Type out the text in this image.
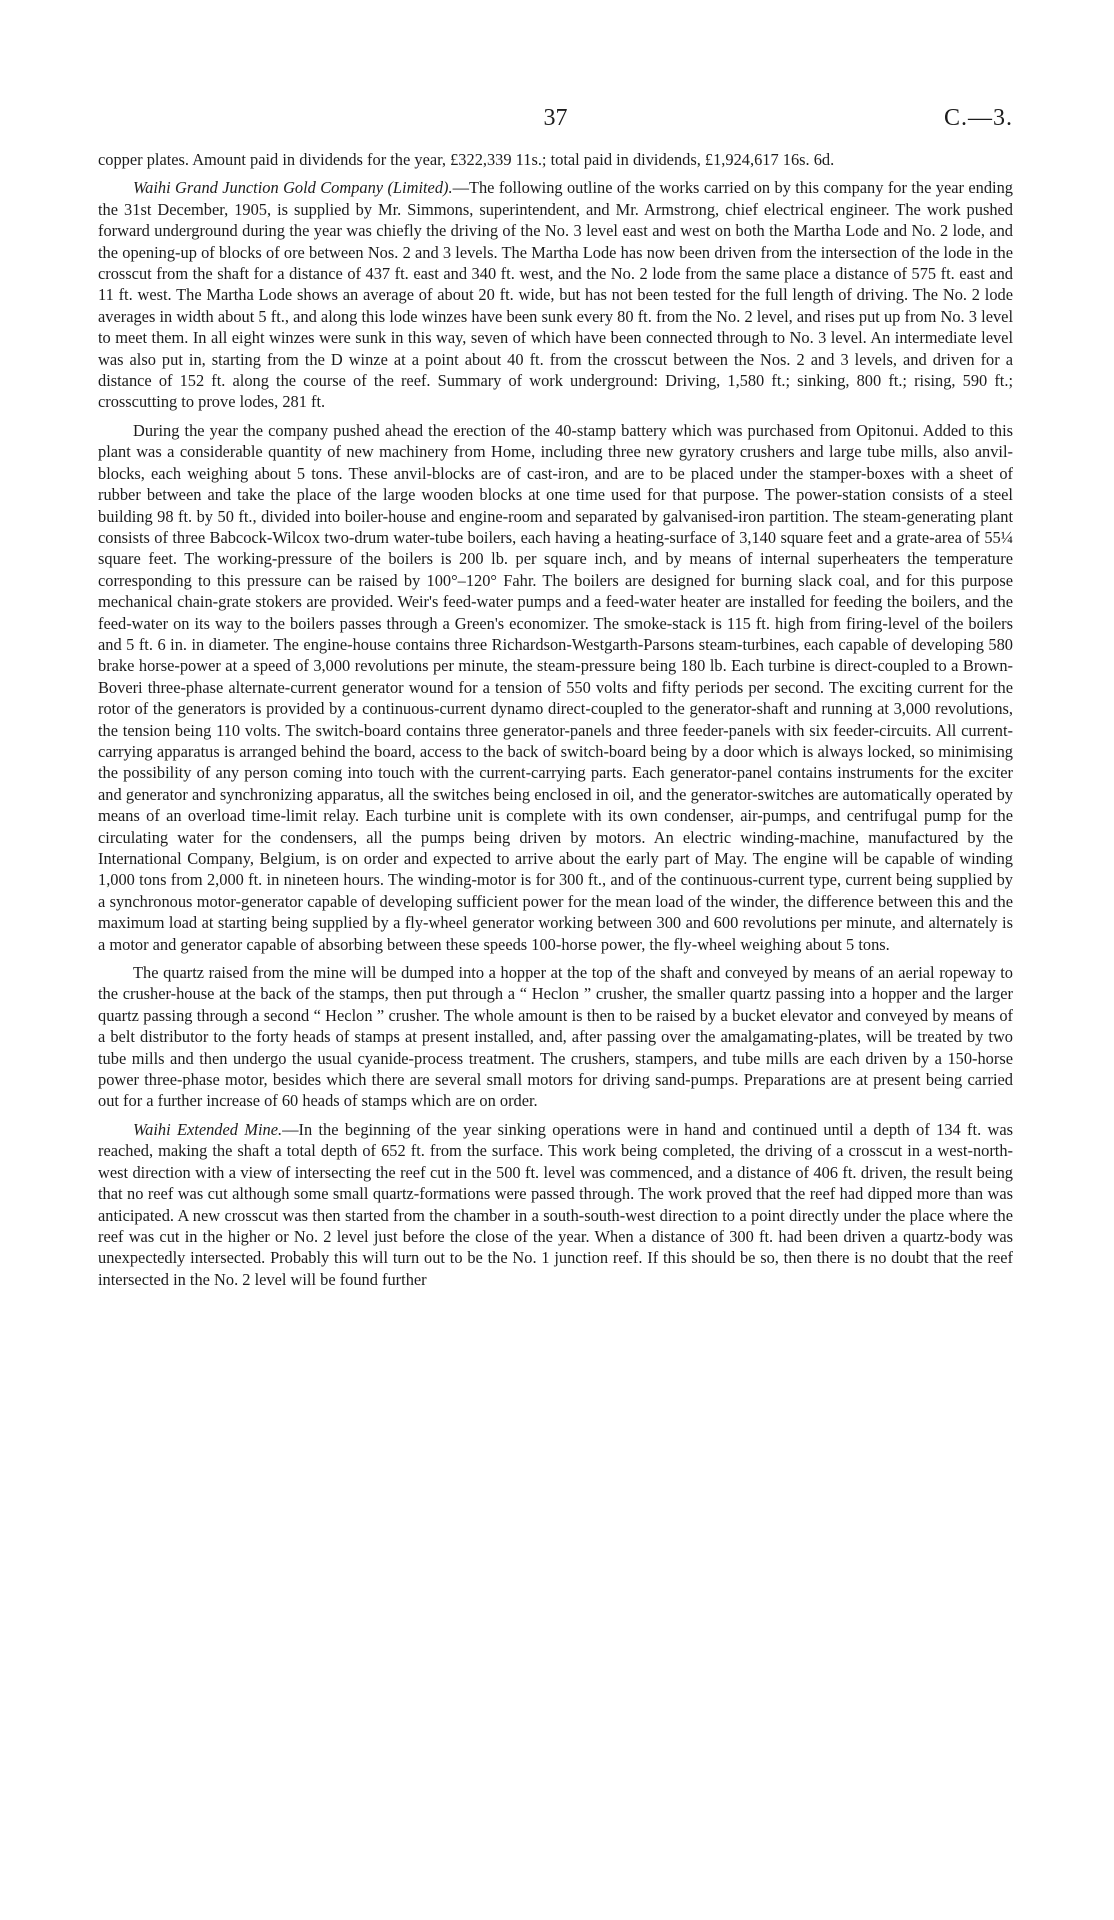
37	C.—3.

copper plates. Amount paid in dividends for the year, £322,339 11s.; total paid in dividends, £1,924,617 16s. 6d.

Waihi Grand Junction Gold Company (Limited).—The following outline of the works carried on by this company for the year ending the 31st December, 1905, is supplied by Mr. Simmons, superintendent, and Mr. Armstrong, chief electrical engineer. The work pushed forward underground during the year was chiefly the driving of the No. 3 level east and west on both the Martha Lode and No. 2 lode, and the opening-up of blocks of ore between Nos. 2 and 3 levels. The Martha Lode has now been driven from the intersection of the lode in the crosscut from the shaft for a distance of 437 ft. east and 340 ft. west, and the No. 2 lode from the same place a distance of 575 ft. east and 11 ft. west. The Martha Lode shows an average of about 20 ft. wide, but has not been tested for the full length of driving. The No. 2 lode averages in width about 5 ft., and along this lode winzes have been sunk every 80 ft. from the No. 2 level, and rises put up from No. 3 level to meet them. In all eight winzes were sunk in this way, seven of which have been connected through to No. 3 level. An intermediate level was also put in, starting from the D winze at a point about 40 ft. from the crosscut between the Nos. 2 and 3 levels, and driven for a distance of 152 ft. along the course of the reef. Summary of work underground: Driving, 1,580 ft.; sinking, 800 ft.; rising, 590 ft.; crosscutting to prove lodes, 281 ft.

During the year the company pushed ahead the erection of the 40-stamp battery which was purchased from Opitonui. Added to this plant was a considerable quantity of new machinery from Home, including three new gyratory crushers and large tube mills, also anvil-blocks, each weighing about 5 tons. These anvil-blocks are of cast-iron, and are to be placed under the stamper-boxes with a sheet of rubber between and take the place of the large wooden blocks at one time used for that purpose. The power-station consists of a steel building 98 ft. by 50 ft., divided into boiler-house and engine-room and separated by galvanised-iron partition. The steam-generating plant consists of three Babcock-Wilcox two-drum water-tube boilers, each having a heating-surface of 3,140 square feet and a grate-area of 55¼ square feet. The working-pressure of the boilers is 200 lb. per square inch, and by means of internal superheaters the temperature corresponding to this pressure can be raised by 100°–120° Fahr. The boilers are designed for burning slack coal, and for this purpose mechanical chain-grate stokers are provided. Weir's feed-water pumps and a feed-water heater are installed for feeding the boilers, and the feed-water on its way to the boilers passes through a Green's economizer. The smoke-stack is 115 ft. high from firing-level of the boilers and 5 ft. 6 in. in diameter. The engine-house contains three Richardson-Westgarth-Parsons steam-turbines, each capable of developing 580 brake horse-power at a speed of 3,000 revolutions per minute, the steam-pressure being 180 lb. Each turbine is direct-coupled to a Brown-Boveri three-phase alternate-current generator wound for a tension of 550 volts and fifty periods per second. The exciting current for the rotor of the generators is provided by a continuous-current dynamo direct-coupled to the generator-shaft and running at 3,000 revolutions, the tension being 110 volts. The switch-board contains three generator-panels and three feeder-panels with six feeder-circuits. All current-carrying apparatus is arranged behind the board, access to the back of switch-board being by a door which is always locked, so minimising the possibility of any person coming into touch with the current-carrying parts. Each generator-panel contains instruments for the exciter and generator and synchronizing apparatus, all the switches being enclosed in oil, and the generator-switches are automatically operated by means of an overload time-limit relay. Each turbine unit is complete with its own condenser, air-pumps, and centrifugal pump for the circulating water for the condensers, all the pumps being driven by motors. An electric winding-machine, manufactured by the International Company, Belgium, is on order and expected to arrive about the early part of May. The engine will be capable of winding 1,000 tons from 2,000 ft. in nineteen hours. The winding-motor is for 300 ft., and of the continuous-current type, current being supplied by a synchronous motor-generator capable of developing sufficient power for the mean load of the winder, the difference between this and the maximum load at starting being supplied by a fly-wheel generator working between 300 and 600 revolutions per minute, and alternately is a motor and generator capable of absorbing between these speeds 100-horse power, the fly-wheel weighing about 5 tons.

The quartz raised from the mine will be dumped into a hopper at the top of the shaft and conveyed by means of an aerial ropeway to the crusher-house at the back of the stamps, then put through a “ Heclon ” crusher, the smaller quartz passing into a hopper and the larger quartz passing through a second “ Heclon ” crusher. The whole amount is then to be raised by a bucket elevator and conveyed by means of a belt distributor to the forty heads of stamps at present installed, and, after passing over the amalgamating-plates, will be treated by two tube mills and then undergo the usual cyanide-process treatment. The crushers, stampers, and tube mills are each driven by a 150-horse power three-phase motor, besides which there are several small motors for driving sand-pumps. Preparations are at present being carried out for a further increase of 60 heads of stamps which are on order.

Waihi Extended Mine.—In the beginning of the year sinking operations were in hand and continued until a depth of 134 ft. was reached, making the shaft a total depth of 652 ft. from the surface. This work being completed, the driving of a crosscut in a west-north-west direction with a view of intersecting the reef cut in the 500 ft. level was commenced, and a distance of 406 ft. driven, the result being that no reef was cut although some small quartz-formations were passed through. The work proved that the reef had dipped more than was anticipated. A new crosscut was then started from the chamber in a south-south-west direction to a point directly under the place where the reef was cut in the higher or No. 2 level just before the close of the year. When a distance of 300 ft. had been driven a quartz-body was unexpectedly intersected. Probably this will turn out to be the No. 1 junction reef. If this should be so, then there is no doubt that the reef intersected in the No. 2 level will be found further
